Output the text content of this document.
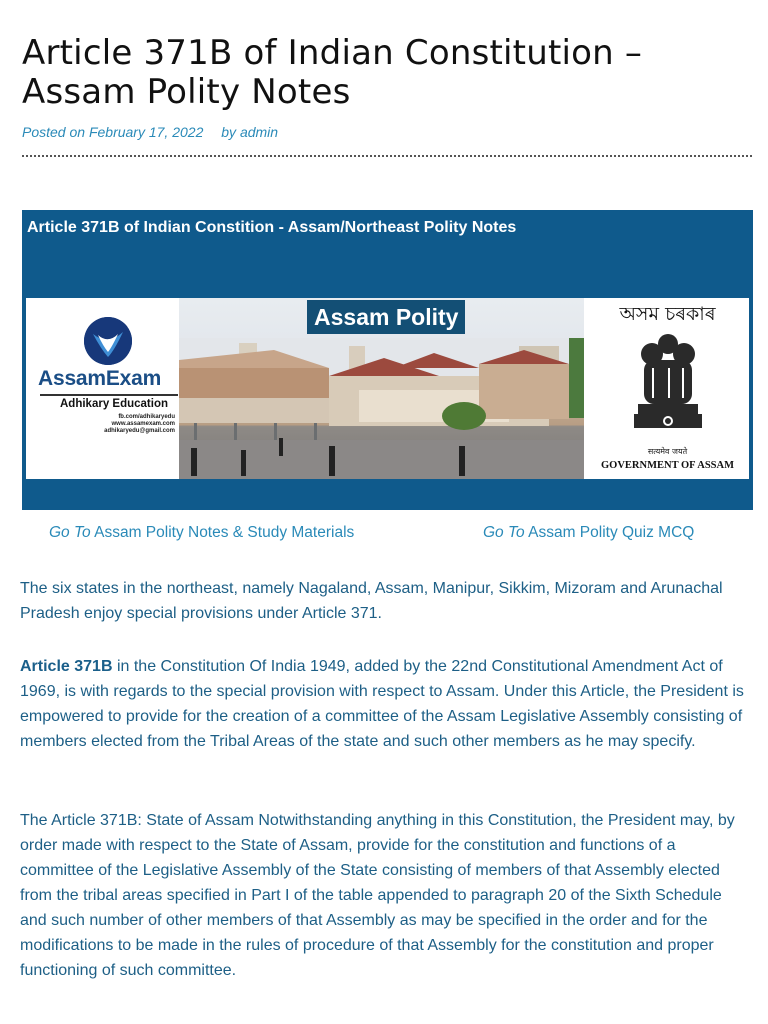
Article 371B of Indian Constitution – Assam Polity Notes
Posted on February 17, 2022 by admin
Article 371B of Indian Constition - Assam/Northeast Polity Notes
AssamExam
Adhikary Education
fb.com/adhikaryedu
www.assamexam.com
adhikaryedu@gmail.com
Assam Polity	অসম চৰকাৰ
सत्यमेव जयते
GOVERNMENT OF ASSAM
Go To Assam Polity Notes & Study Materials	Go To Assam Polity Quiz MCQ

The six states in the northeast, namely Nagaland, Assam, Manipur, Sikkim, Mizoram and Arunachal Pradesh enjoy special provisions under Article 371.

Article 371B in the Constitution Of India 1949, added by the 22nd Constitutional Amendment Act of 1969, is with regards to the special provision with respect to Assam. Under this Article, the President is empowered to provide for the creation of a committee of the Assam Legislative Assembly consisting of members elected from the Tribal Areas of the state and such other members as he may specify.

The Article 371B: State of Assam Notwithstanding anything in this Constitution, the President may, by order made with respect to the State of Assam, provide for the constitution and functions of a committee of the Legislative Assembly of the State consisting of members of that Assembly elected from the tribal areas specified in Part I of the table appended to paragraph 20 of the Sixth Schedule and such number of other members of that Assembly as may be specified in the order and for the modifications to be made in the rules of procedure of that Assembly for the constitution and proper functioning of such committee.
